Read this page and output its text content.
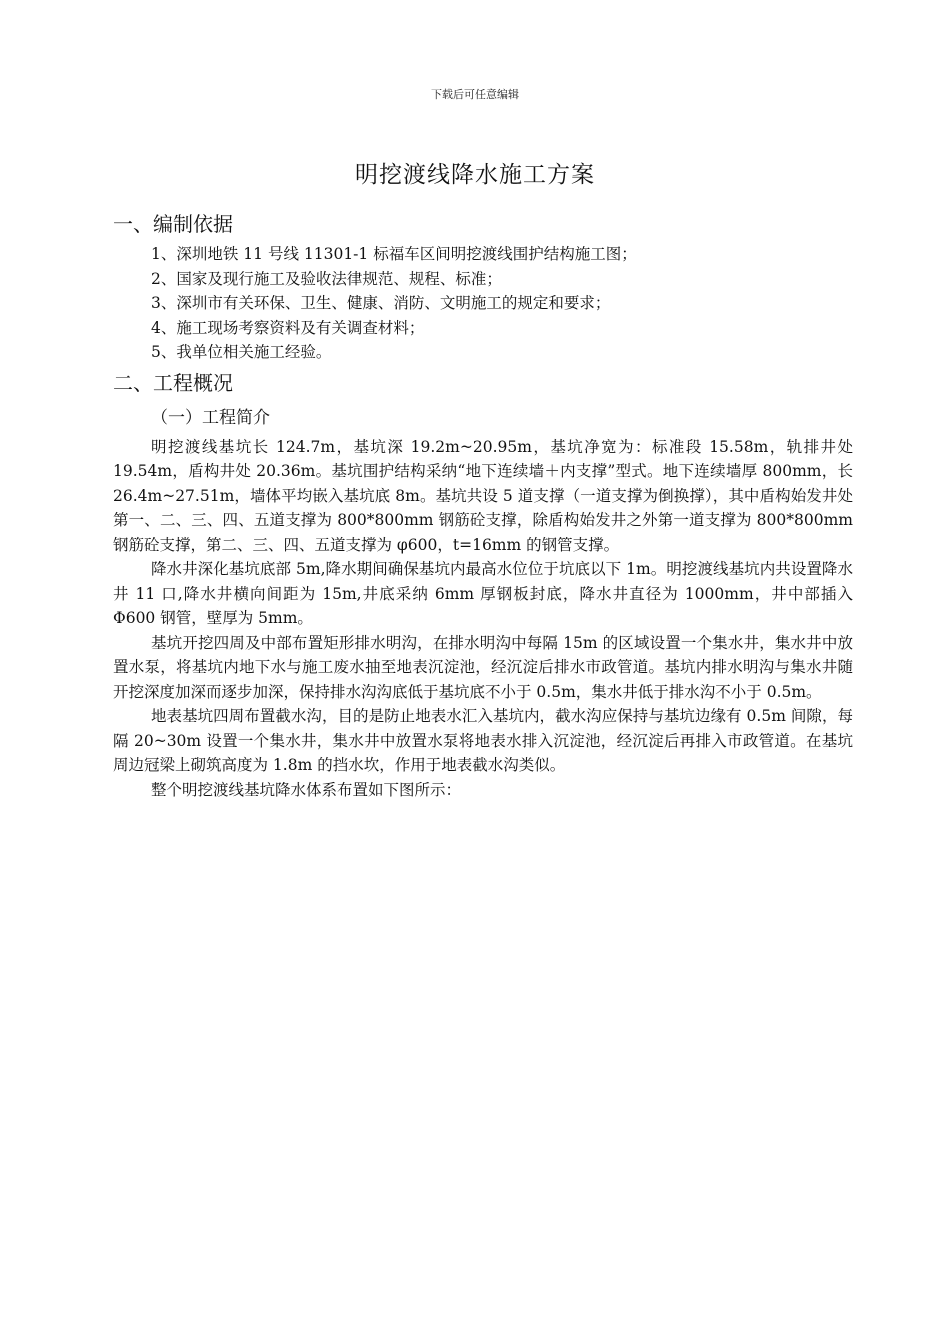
下载后可任意编辑
明挖渡线降水施工方案
一、编制依据
1、深圳地铁 11 号线 11301-1 标福车区间明挖渡线围护结构施工图；
2、国家及现行施工及验收法律规范、规程、标准；
3、深圳市有关环保、卫生、健康、消防、文明施工的规定和要求；
4、施工现场考察资料及有关调查材料；
5、我单位相关施工经验。
二、工程概况
（一）工程简介

明挖渡线基坑长 124.7m，基坑深 19.2m~20.95m，基坑净宽为：标准段 15.58m，轨排井处 19.54m，盾构井处 20.36m。基坑围护结构采纳“地下连续墙＋内支撑”型式。地下连续墙厚 800mm，长 26.4m~27.51m，墙体平均嵌入基坑底 8m。基坑共设 5 道支撑（一道支撑为倒换撑），其中盾构始发井处第一、二、三、四、五道支撑为 800*800mm 钢筋砼支撑，除盾构始发井之外第一道支撑为 800*800mm 钢筋砼支撑，第二、三、四、五道支撑为 φ600，t=16mm 的钢管支撑。

降水井深化基坑底部 5m,降水期间确保基坑内最高水位位于坑底以下 1m。明挖渡线基坑内共设置降水井 11 口,降水井横向间距为 15m,井底采纳 6mm 厚钢板封底，降水井直径为 1000mm，井中部插入 Φ600 钢管，壁厚为 5mm。

基坑开挖四周及中部布置矩形排水明沟，在排水明沟中每隔 15m 的区域设置一个集水井，集水井中放置水泵，将基坑内地下水与施工废水抽至地表沉淀池，经沉淀后排水市政管道。基坑内排水明沟与集水井随开挖深度加深而逐步加深，保持排水沟沟底低于基坑底不小于 0.5m，集水井低于排水沟不小于 0.5m。

地表基坑四周布置截水沟，目的是防止地表水汇入基坑内，截水沟应保持与基坑边缘有 0.5m 间隙，每隔 20~30m 设置一个集水井，集水井中放置水泵将地表水排入沉淀池，经沉淀后再排入市政管道。在基坑周边冠梁上砌筑高度为 1.8m 的挡水坎，作用于地表截水沟类似。

整个明挖渡线基坑降水体系布置如下图所示：
